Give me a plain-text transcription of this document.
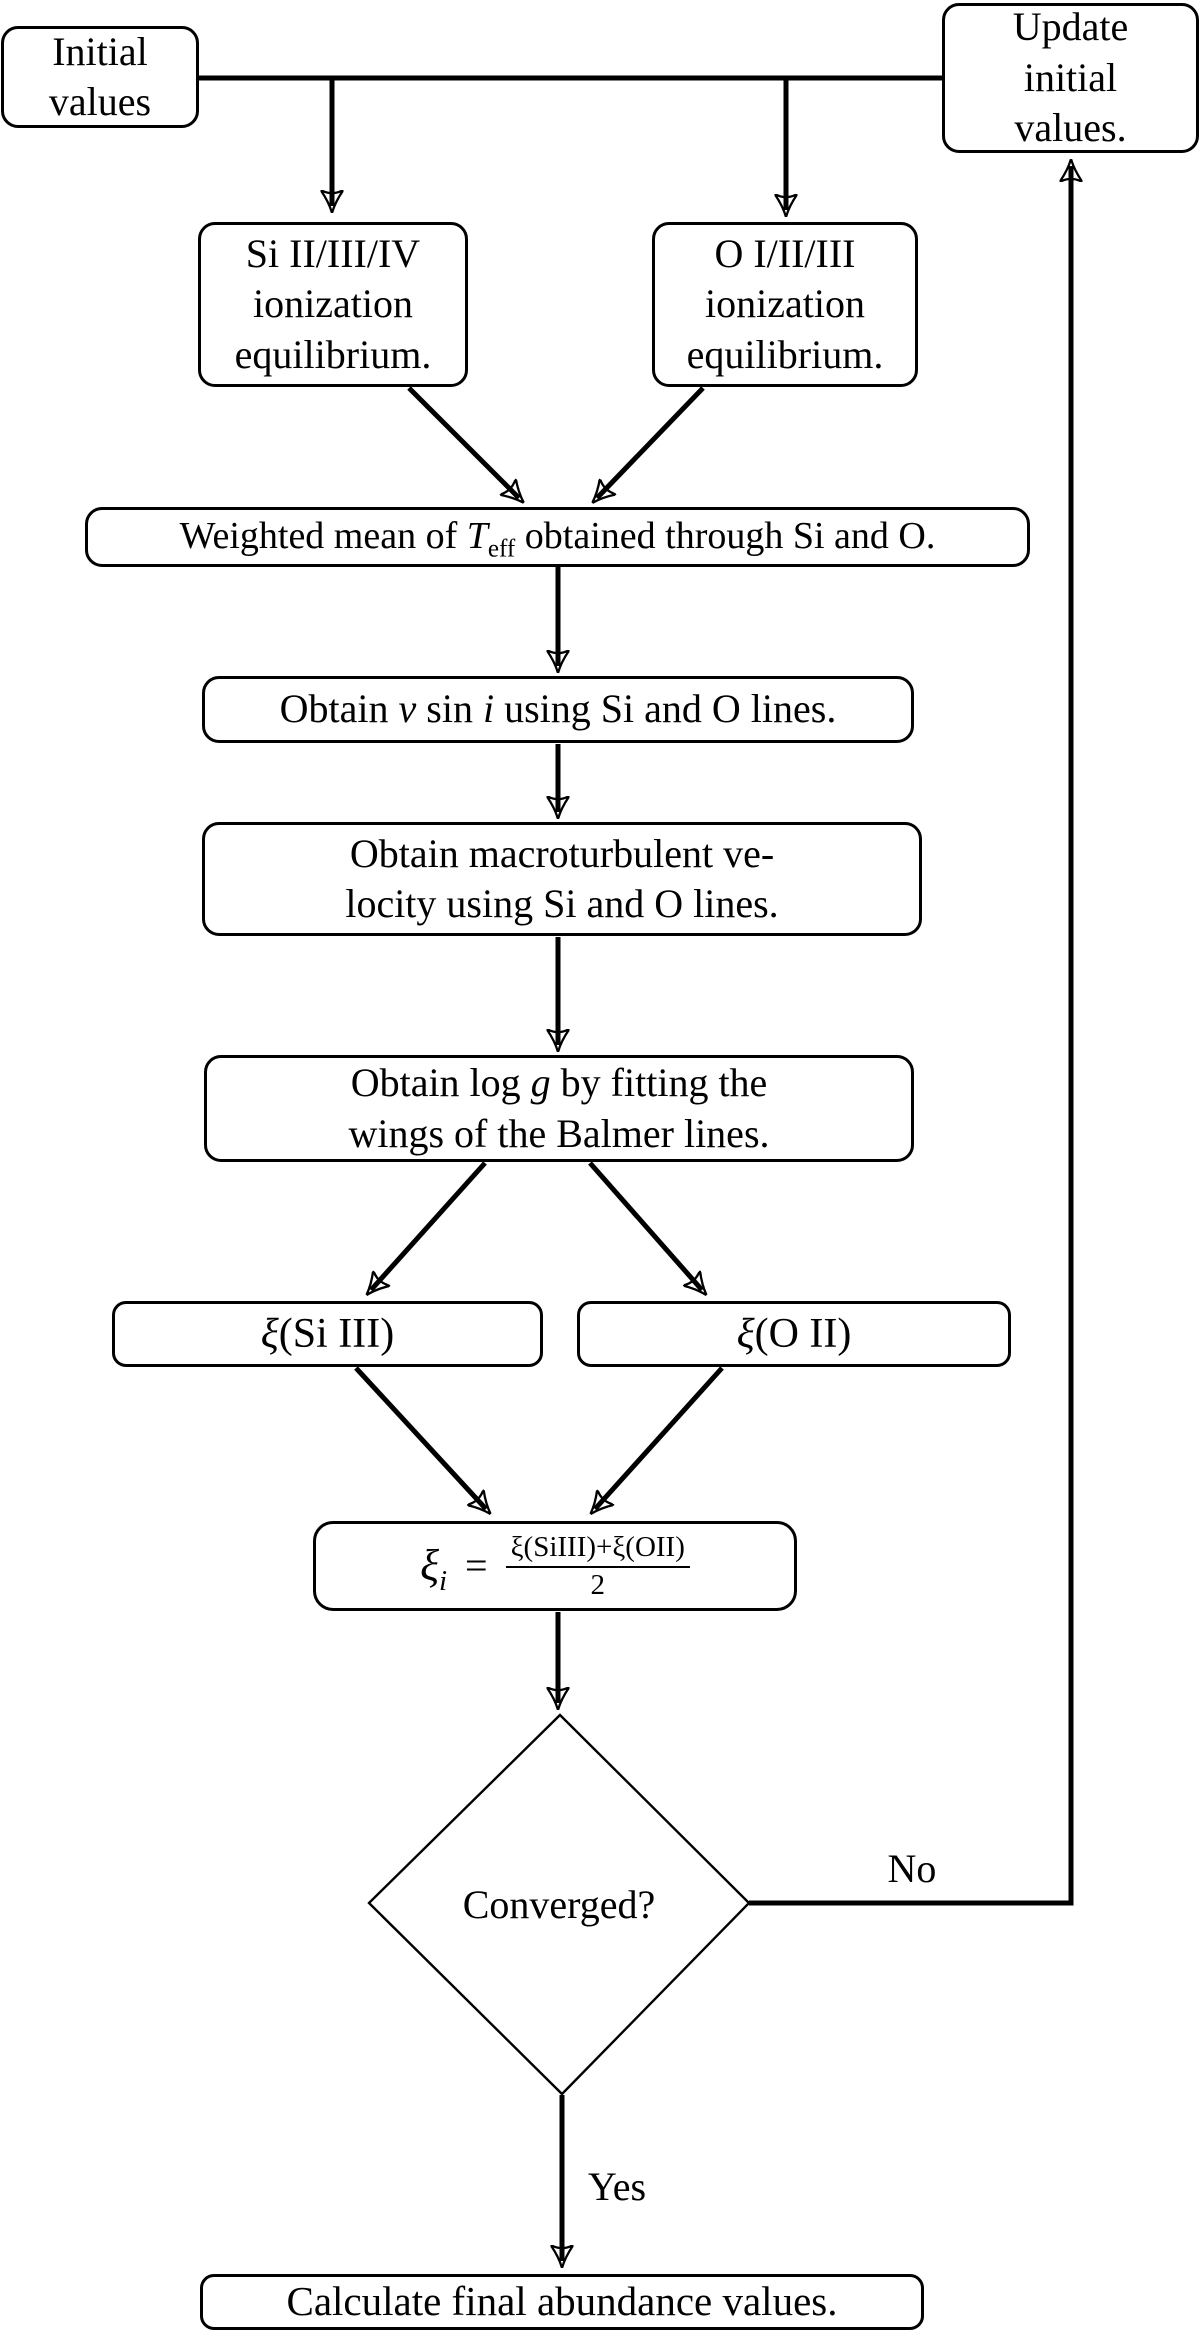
Initial
values
Update
initial
values.
Si II/III/IV
ionization
equilibrium.
O I/II/III
ionization
equilibrium.
Weighted mean of $T_{eff}$ obtained through Si and O.
Obtain v sin i using Si and O lines.
Obtain macroturbulent ve-
locity using Si and O lines.
Obtain log g by fitting the
wings of the Balmer lines.
ξ(Si III)	ξ(O II)
$\xi_i = \frac{\text{ξ(SiIII)+ξ(OII)}}{2}$
Converged?
No
Yes
Calculate final abundance values.
